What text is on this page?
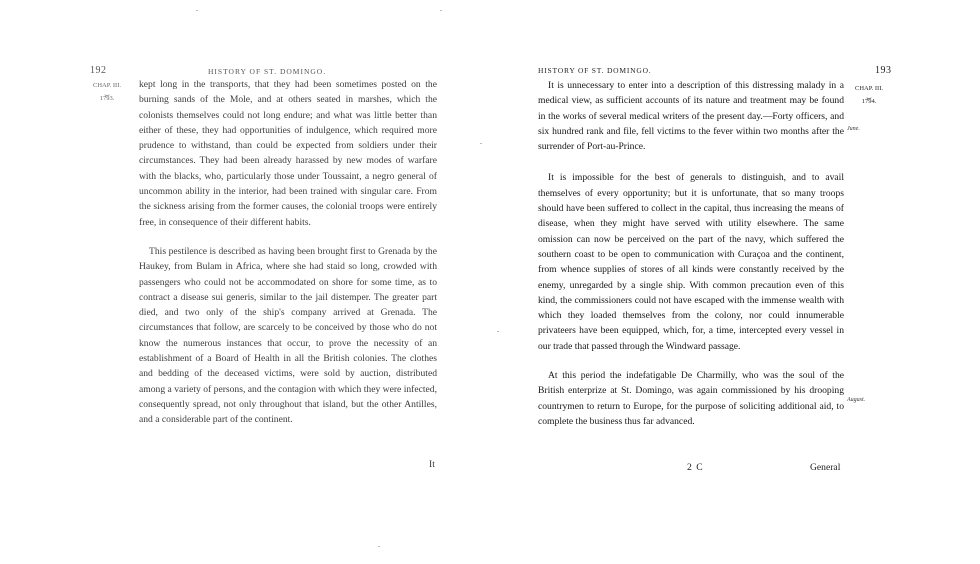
192	HISTORY OF ST. DOMINGO.
CHAP. III.
⏟
1793.

kept long in the transports, that they had been sometimes posted on the burning sands of the Mole, and at others seated in marshes, which the colonists themselves could not long endure; and what was little better than either of these, they had opportunities of indulgence, which required more prudence to withstand, than could be expected from soldiers under their circumstances. They had been already harassed by new modes of warfare with the blacks, who, particularly those under Toussaint, a negro general of uncommon ability in the interior, had been trained with singular care. From the sickness arising from the former causes, the colonial troops were entirely free, in consequence of their different habits.

This pestilence is described as having been brought first to Grenada by the Haukey, from Bulam in Africa, where she had staid so long, crowded with passengers who could not be accommodated on shore for some time, as to contract a disease sui generis, similar to the jail distemper. The greater part died, and two only of the ship's company arrived at Grenada. The circumstances that follow, are scarcely to be conceived by those who do not know the numerous instances that occur, to prove the necessity of an establishment of a Board of Health in all the British colonies. The clothes and bedding of the deceased victims, were sold by auction, distributed among a variety of persons, and the contagion with which they were infected, consequently spread, not only throughout that island, but the other Antilles, and a considerable part of the continent.

It
HISTORY OF ST. DOMINGO.	193
CHAP. III.
⏟
1794.
June.
August.

It is unnecessary to enter into a description of this distressing malady in a medical view, as sufficient accounts of its nature and treatment may be found in the works of several medical writers of the present day.—Forty officers, and six hundred rank and file, fell victims to the fever within two months after the surrender of Port-au-Prince.

It is impossible for the best of generals to distinguish, and to avail themselves of every opportunity; but it is unfortunate, that so many troops should have been suffered to collect in the capital, thus increasing the means of disease, when they might have served with utility elsewhere. The same omission can now be perceived on the part of the navy, which suffered the southern coast to be open to communication with Curaçoa and the continent, from whence supplies of stores of all kinds were constantly received by the enemy, unregarded by a single ship. With common precaution even of this kind, the commissioners could not have escaped with the immense wealth with which they loaded themselves from the colony, nor could innumerable privateers have been equipped, which, for, a time, intercepted every vessel in our trade that passed through the Windward passage.

At this period the indefatigable De Charmilly, who was the soul of the British enterprize at St. Domingo, was again commissioned by his drooping countrymen to return to Europe, for the purpose of soliciting additional aid, to complete the business thus far advanced.

2 C	General
